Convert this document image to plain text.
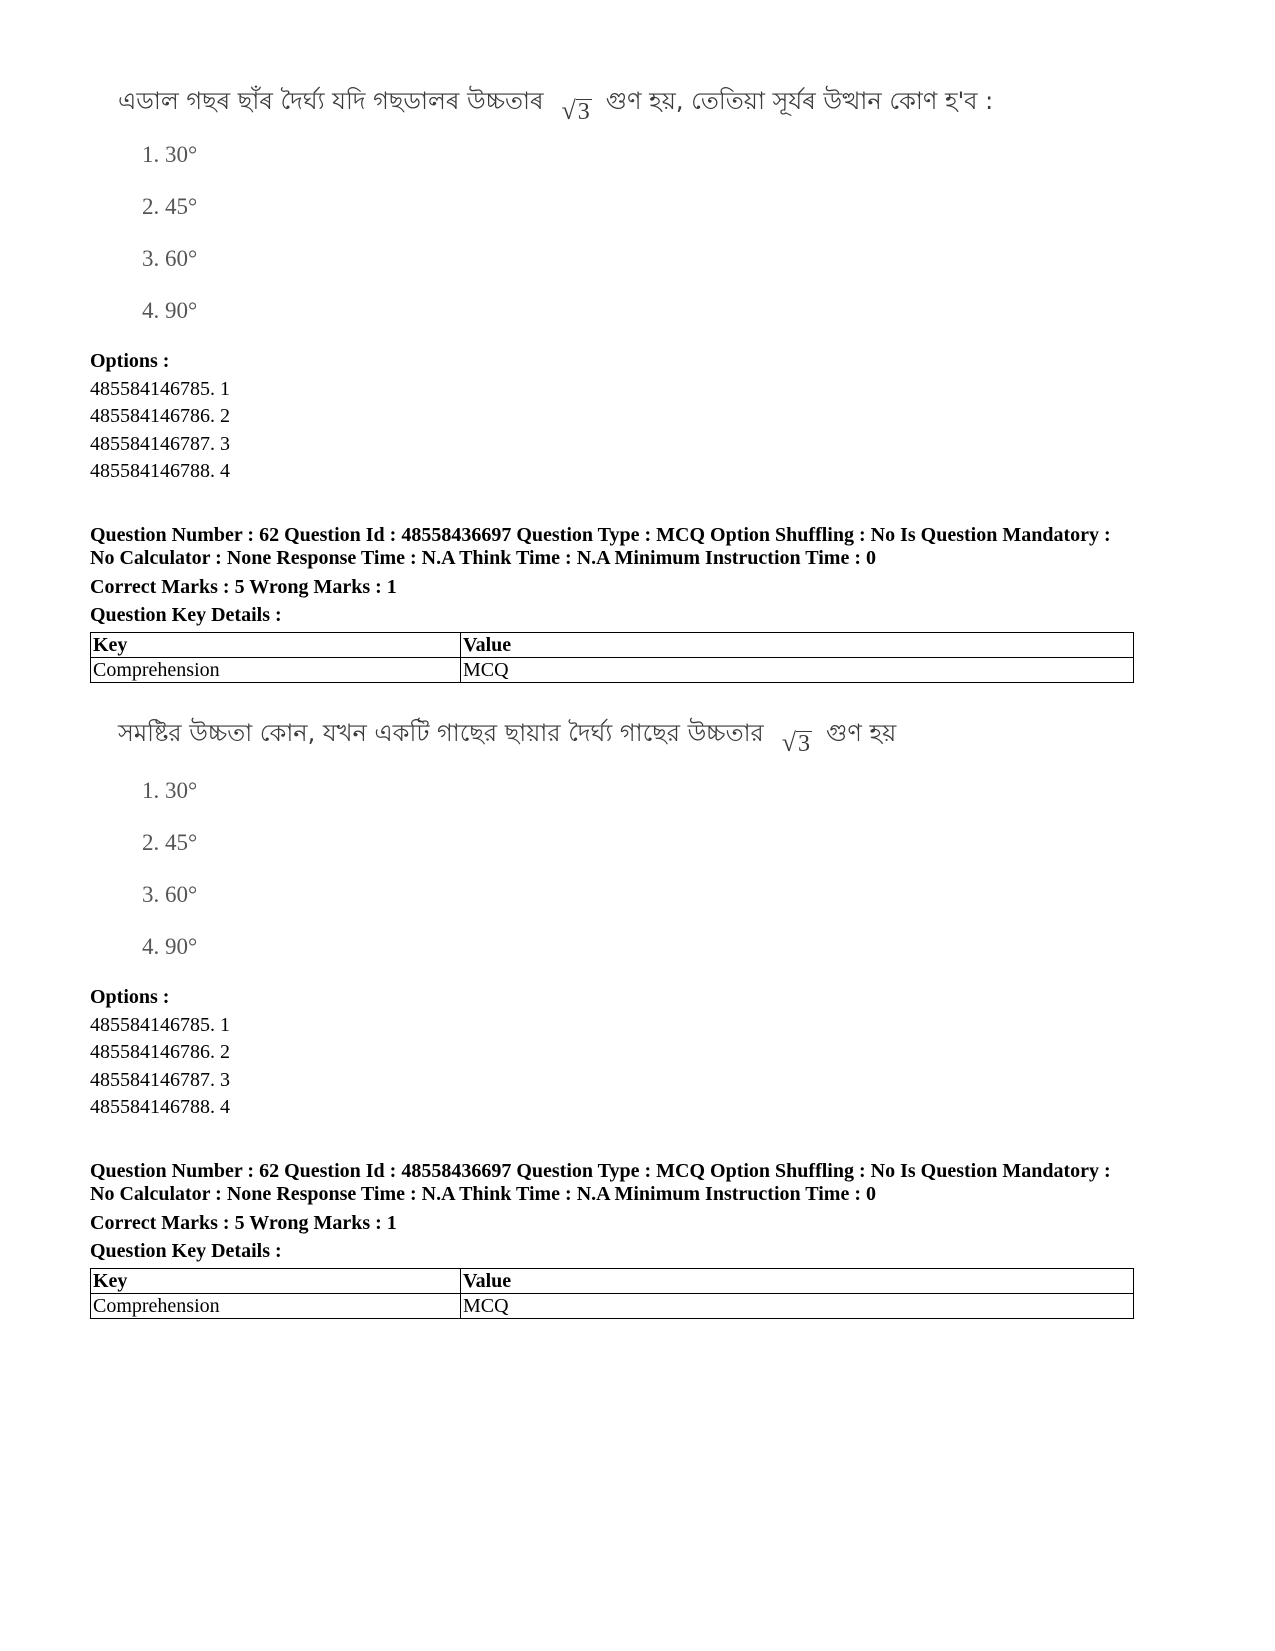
এডাল গছৰ ছাঁৰ দৈৰ্ঘ্য যদি গছডালৰ উচ্চতাৰ √ 3 গুণ হয়, তেতিয়া সূৰ্যৰ উত্থান কোণ হ'ব :
1. 30°
2. 45°
3. 60°
4. 90°
Options :
485584146785. 1
485584146786. 2
485584146787. 3
485584146788. 4
Question Number : 62 Question Id : 48558436697 Question Type : MCQ Option Shuffling : No Is Question Mandatory :
No Calculator : None Response Time : N.A Think Time : N.A Minimum Instruction Time : 0
Correct Marks : 5 Wrong Marks : 1
Question Key Details :
Key	Value
Comprehension	MCQ
সমষ্টির উচ্চতা কোন, যখন একটি গাছের ছায়ার দৈর্ঘ্য গাছের উচ্চতার √ 3 গুণ হয়
1. 30°
2. 45°
3. 60°
4. 90°
Options :
485584146785. 1
485584146786. 2
485584146787. 3
485584146788. 4
Question Number : 62 Question Id : 48558436697 Question Type : MCQ Option Shuffling : No Is Question Mandatory :
No Calculator : None Response Time : N.A Think Time : N.A Minimum Instruction Time : 0
Correct Marks : 5 Wrong Marks : 1
Question Key Details :
Key	Value
Comprehension	MCQ
